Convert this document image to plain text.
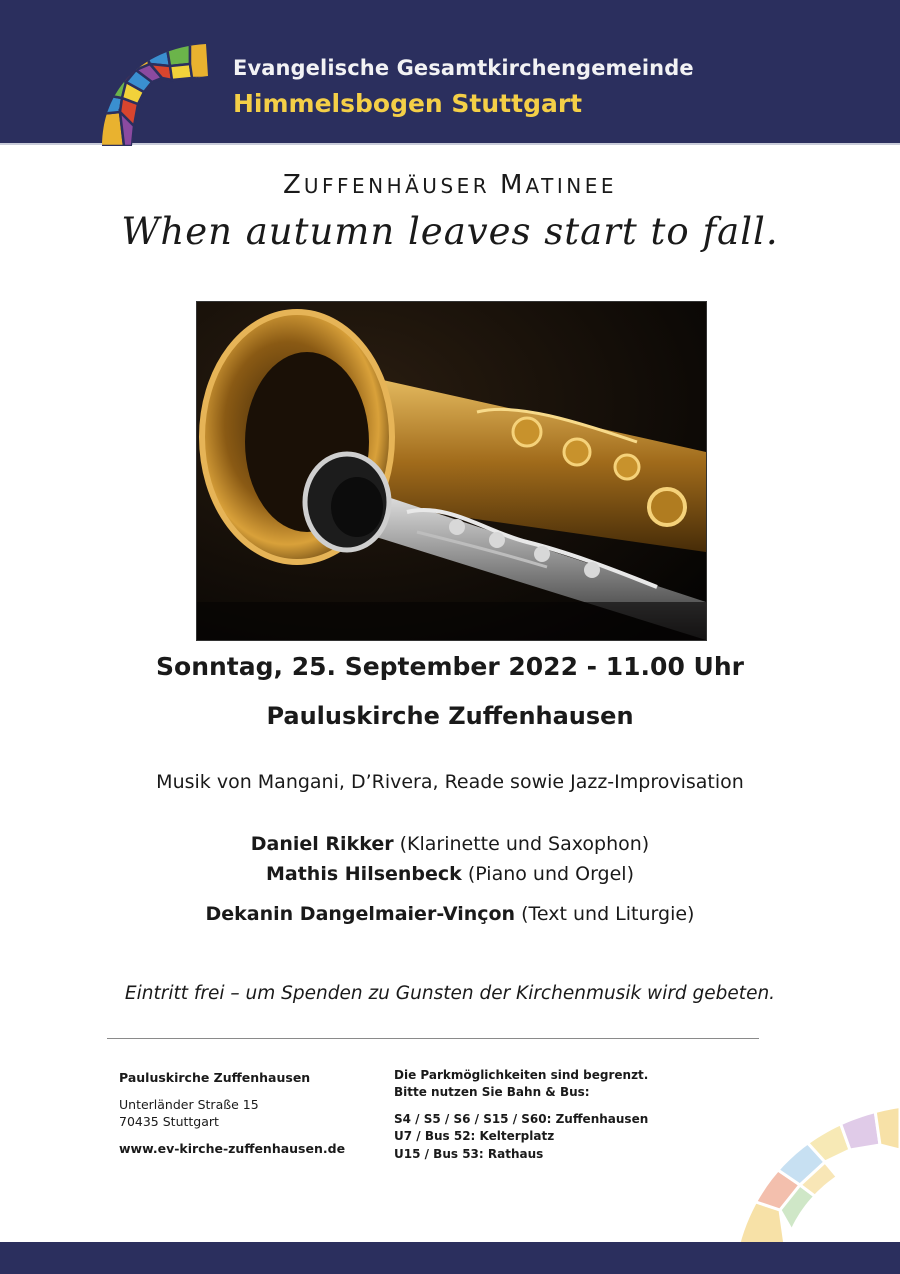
Evangelische Gesamtkirchengemeinde
Himmelsbogen Stuttgart
ZUFFENHÄUSER MATINEE
When autumn leaves start to fall.
Sonntag, 25. September 2022 - 11.00 Uhr
Pauluskirche Zuffenhausen
Musik von Mangani, D’Rivera, Reade sowie Jazz-Improvisation
Daniel Rikker (Klarinette und Saxophon)
Mathis Hilsenbeck (Piano und Orgel)
Dekanin Dangelmaier-Vinçon (Text und Liturgie)
Eintritt frei – um Spenden zu Gunsten der Kirchenmusik wird gebeten.
Pauluskirche Zuffenhausen
Unterländer Straße 15
70435 Stuttgart
www.ev-kirche-zuffenhausen.de
Die Parkmöglichkeiten sind begrenzt.
Bitte nutzen Sie Bahn & Bus:
S4 / S5 / S6 / S15 / S60: Zuffenhausen
U7 / Bus 52: Kelterplatz
U15 / Bus 53: Rathaus
